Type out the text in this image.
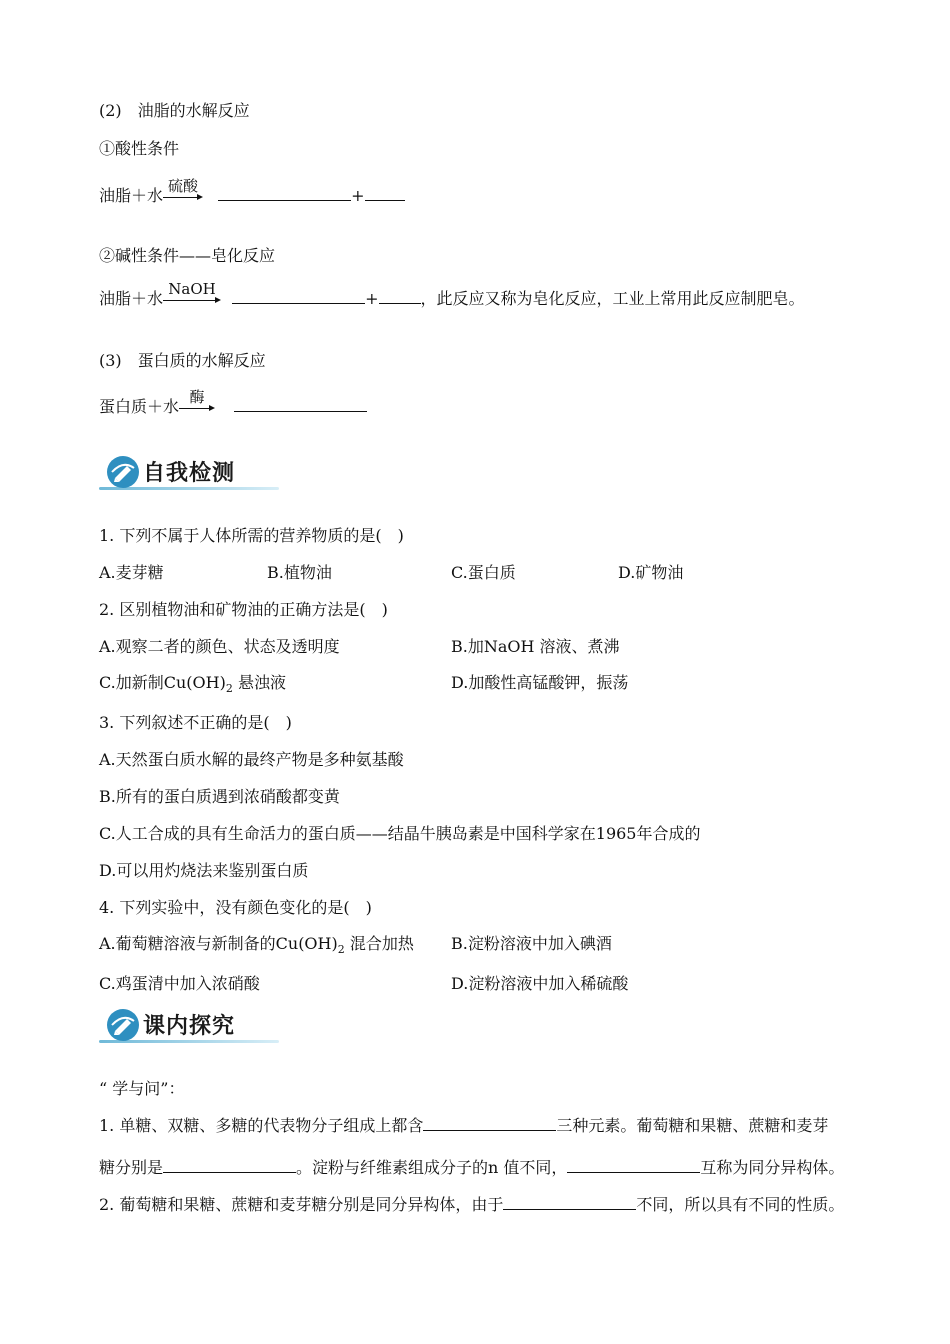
(2)　油脂的水解反应
①酸性条件
油脂＋水
硫酸
+
②碱性条件——皂化反应
油脂＋水
NaOH
+	，此反应又称为皂化反应，工业上常用此反应制肥皂。
(3)　蛋白质的水解反应
蛋白质＋水
酶

自我检测
1. 下列不属于人体所需的营养物质的是(　)
A.麦芽糖	B.植物油	C.蛋白质	D.矿物油
2. 区别植物油和矿物油的正确方法是(　)
A.观察二者的颜色、状态及透明度	B.加NaOH 溶液、煮沸
C.加新制$Cu(OH)_2$ 悬浊液	D.加酸性高锰酸钾，振荡
3. 下列叙述不正确的是(　)
A.天然蛋白质水解的最终产物是多种氨基酸
B.所有的蛋白质遇到浓硝酸都变黄
C.人工合成的具有生命活力的蛋白质——结晶牛胰岛素是中国科学家在1965年合成的
D.可以用灼烧法来鉴别蛋白质
4. 下列实验中，没有颜色变化的是(　)
A.葡萄糖溶液与新制备的$Cu(OH)_2$ 混合加热 B.淀粉溶液中加入碘酒
C.鸡蛋清中加入浓硝酸	D.淀粉溶液中加入稀硫酸
课内探究
“ 学与问”：
1. 单糖、双糖、多糖的代表物分子组成上都含	三种元素。葡萄糖和果糖、蔗糖和麦芽
糖分别是	。淀粉与纤维素组成分子的n 值不同，	互称为同分异构体。
2. 葡萄糖和果糖、蔗糖和麦芽糖分别是同分异构体，由于	不同，所以具有不同的性质。
